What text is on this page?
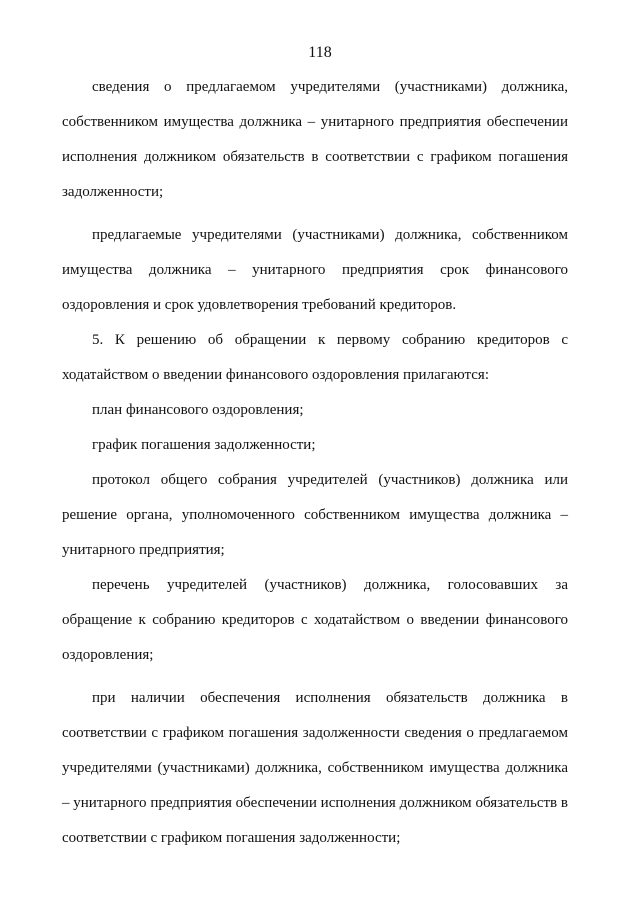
118

сведения о предлагаемом учредителями (участниками) должника, собственником имущества должника – унитарного предприятия обеспечении исполнения должником обязательств в соответствии с графиком погашения задолженности;

предлагаемые учредителями (участниками) должника, собственником имущества должника – унитарного предприятия срок финансового оздоровления и срок удовлетворения требований кредиторов.

5. К решению об обращении к первому собранию кредиторов с ходатайством о введении финансового оздоровления прилагаются:

план финансового оздоровления;

график погашения задолженности;

протокол общего собрания учредителей (участников) должника или решение органа, уполномоченного собственником имущества должника – унитарного предприятия;

перечень учредителей (участников) должника, голосовавших за обращение к собранию кредиторов с ходатайством о введении финансового оздоровления;

при наличии обеспечения исполнения обязательств должника в соответствии с графиком погашения задолженности сведения о предлагаемом учредителями (участниками) должника, собственником имущества должника – унитарного предприятия обеспечении исполнения должником обязательств в соответствии с графиком погашения задолженности;
